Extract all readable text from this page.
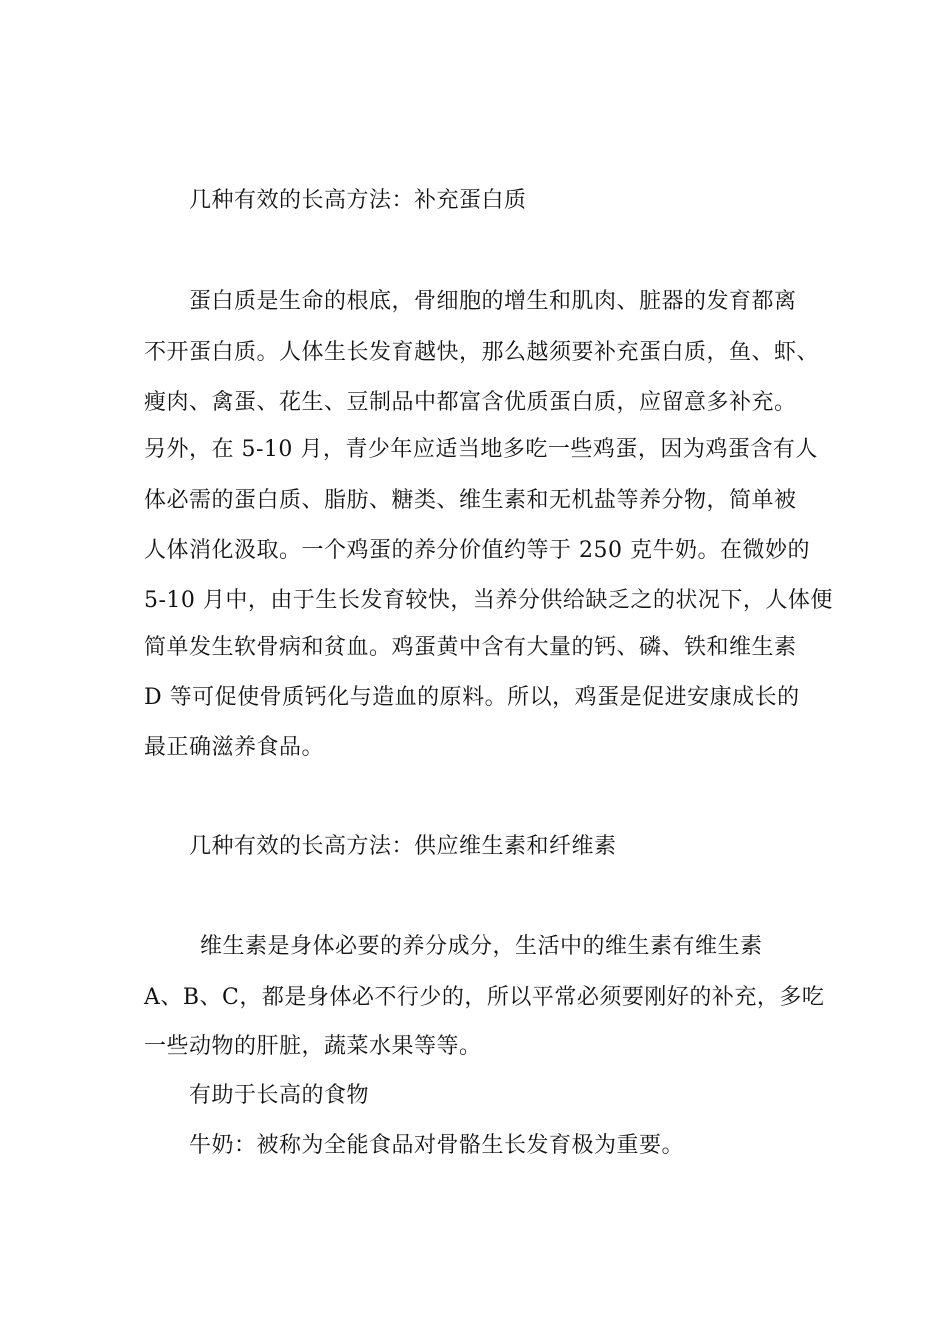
几种有效的长高方法：补充蛋白质
蛋白质是生命的根底，骨细胞的增生和肌肉、脏器的发育都离
不开蛋白质。人体生长发育越快，那么越须要补充蛋白质，鱼、虾、
瘦肉、禽蛋、花生、豆制品中都富含优质蛋白质，应留意多补充。
另外，在 5-10 月，青少年应适当地多吃一些鸡蛋，因为鸡蛋含有人
体必需的蛋白质、脂肪、糖类、维生素和无机盐等养分物，简单被
人体消化汲取。一个鸡蛋的养分价值约等于 250 克牛奶。在微妙的
5-10 月中，由于生长发育较快，当养分供给缺乏之的状况下，人体便
简单发生软骨病和贫血。鸡蛋黄中含有大量的钙、磷、铁和维生素
D 等可促使骨质钙化与造血的原料。所以，鸡蛋是促进安康成长的
最正确滋养食品。
几种有效的长高方法：供应维生素和纤维素
维生素是身体必要的养分成分，生活中的维生素有维生素
A、B、C，都是身体必不行少的，所以平常必须要刚好的补充，多吃
一些动物的肝脏，蔬菜水果等等。
有助于长高的食物
牛奶：被称为全能食品对骨骼生长发育极为重要。
